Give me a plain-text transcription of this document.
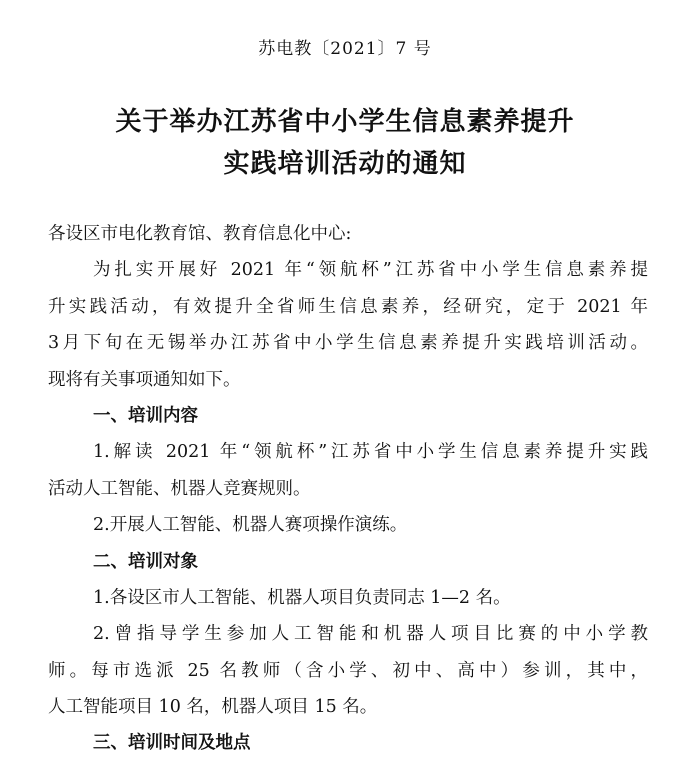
苏电教〔2021〕7 号
关于举办江苏省中小学生信息素养提升
实践培训活动的通知
各设区市电化教育馆、教育信息化中心:
为扎实开展好 2021 年“领航杯”江苏省中小学生信息素养提
升实践活动，有效提升全省师生信息素养，经研究，定于 2021 年
3月下旬在无锡举办江苏省中小学生信息素养提升实践培训活动。
现将有关事项通知如下。
一、培训内容
1.解读 2021 年“领航杯”江苏省中小学生信息素养提升实践
活动人工智能、机器人竞赛规则。
2.开展人工智能、机器人赛项操作演练。
二、培训对象
1.各设区市人工智能、机器人项目负责同志 1—2 名。
2.曾指导学生参加人工智能和机器人项目比赛的中小学教
师。每市选派 25 名教师（含小学、初中、高中）参训，其中，
人工智能项目 10 名，机器人项目 15 名。
三、培训时间及地点
